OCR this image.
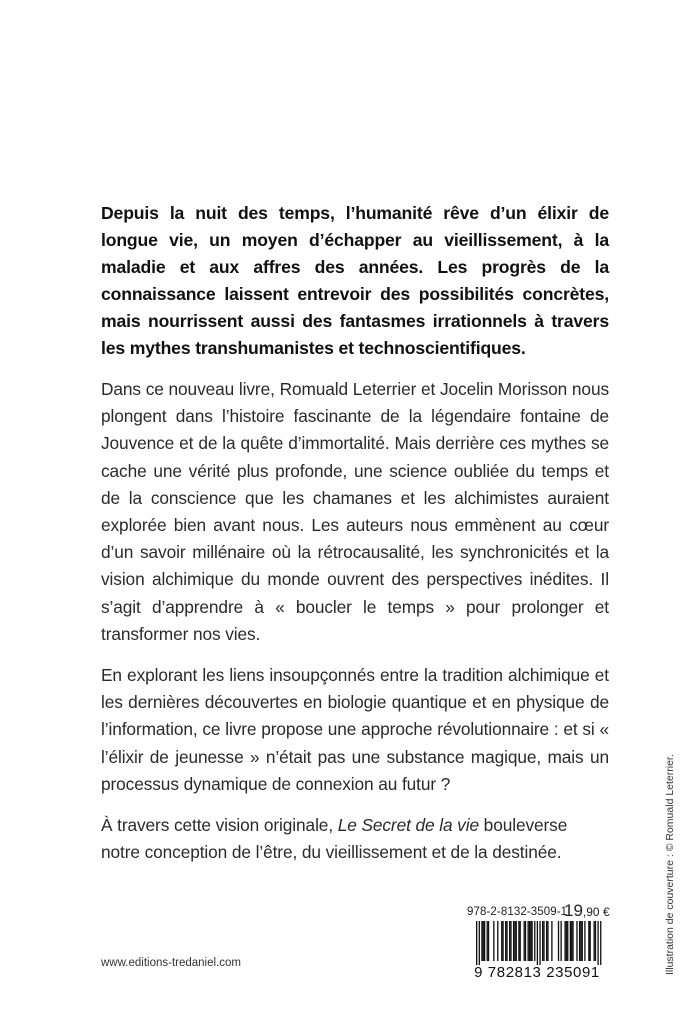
Depuis la nuit des temps, l’humanité rêve d’un élixir de longue vie, un moyen d’échapper au vieillissement, à la maladie et aux affres des années. Les progrès de la connaissance laissent entrevoir des possibilités concrètes, mais nourrissent aussi des fantasmes irrationnels à travers les mythes transhumanistes et technoscientifiques.

Dans ce nouveau livre, Romuald Leterrier et Jocelin Morisson nous plongent dans l’histoire fascinante de la légendaire fontaine de Jouvence et de la quête d’immortalité. Mais derrière ces mythes se cache une vérité plus profonde, une science oubliée du temps et de la conscience que les chamanes et les alchimistes auraient explorée bien avant nous. Les auteurs nous emmènent au cœur d’un savoir millénaire où la rétrocausalité, les synchronicités et la vision alchimique du monde ouvrent des perspectives inédites. Il s’agit d’apprendre à « boucler le temps » pour prolonger et transformer nos vies.

En explorant les liens insoupçonnés entre la tradition alchimique et les dernières découvertes en biologie quantique et en physique de l’information, ce livre propose une approche révolutionnaire : et si « l’élixir de jeunesse » n’était pas une substance magique, mais un processus dynamique de connexion au futur ?

À travers cette vision originale, Le Secret de la vie bouleverse notre conception de l’être, du vieillissement et de la destinée.

www.editions-tredaniel.com	Illustration de couverture : © Romuald Leterrier.
978-2-8132-3509-1
19,90 €
9 782813 235091
